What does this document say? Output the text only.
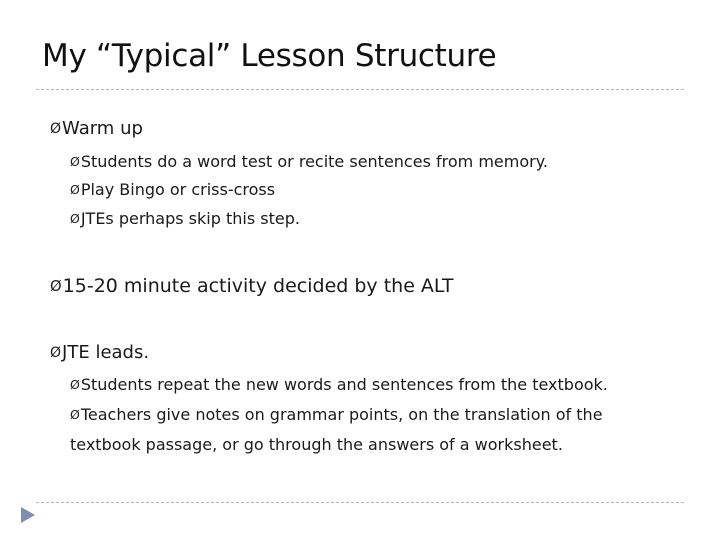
My “Typical” Lesson Structure
ØWarm up
ØStudents do a word test or recite sentences from memory.
ØPlay Bingo or criss-cross
ØJTEs perhaps skip this step.
Ø15-20 minute activity decided by the ALT
ØJTE leads.
ØStudents repeat the new words and sentences from the textbook.
ØTeachers give notes on grammar points, on the translation of the
textbook passage, or go through the answers of a worksheet.
